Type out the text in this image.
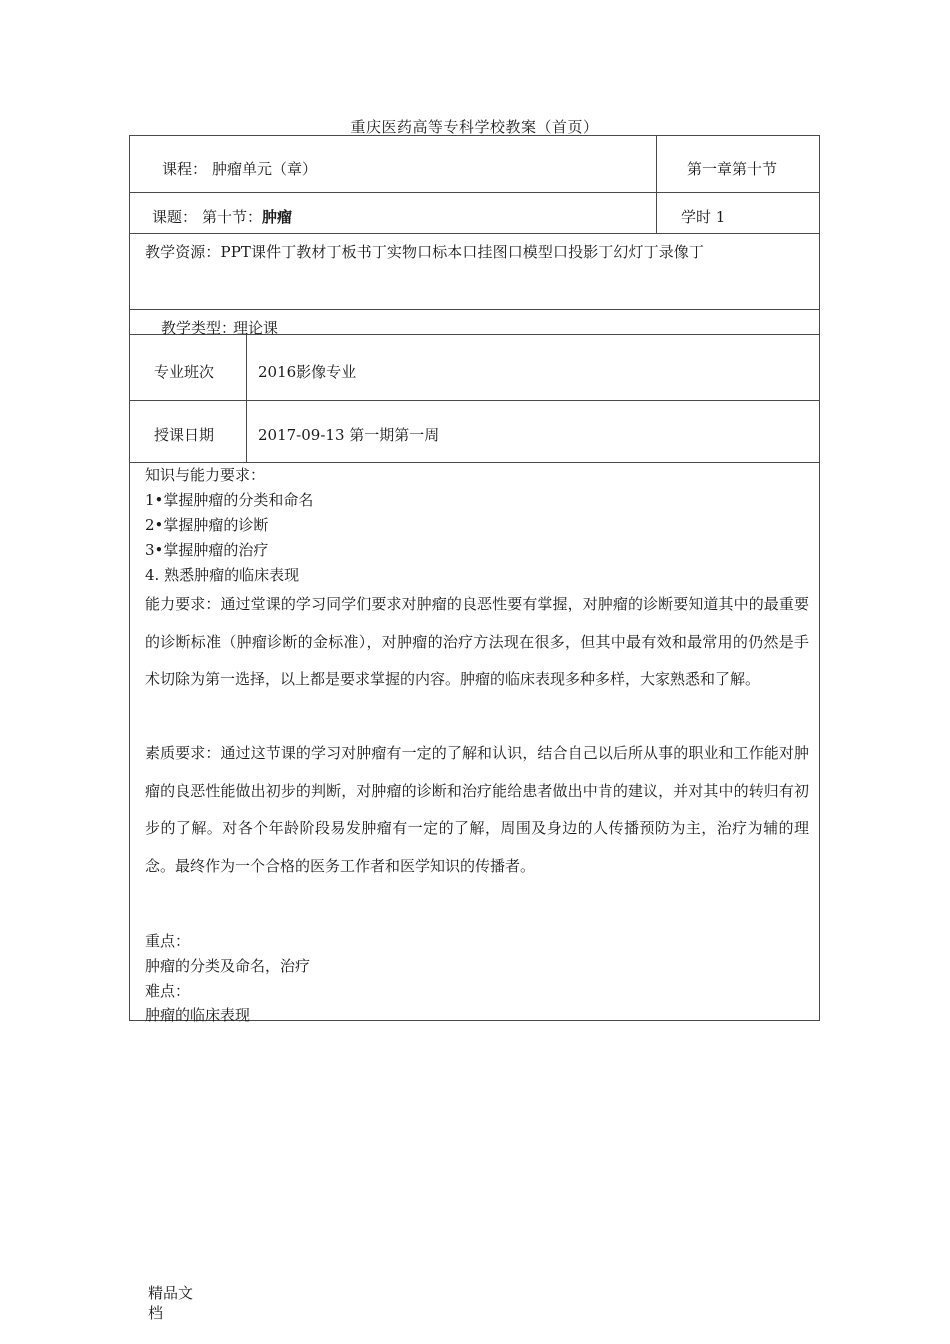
重庆医药高等专科学校教案（首页）
课程： 肿瘤单元（章）	第一章第十节
课题： 第十节：肿瘤	学时 1
教学资源：PPT课件丁教材丁板书丁实物口标本口挂图口模型口投影丁幻灯丁录像丁
教学类型：
理论课
专业班次	2016影像专业
授课日期	2017-09-13 第一期第一周
知识与能力要求：
1•掌握肿瘤的分类和命名
2•掌握肿瘤的诊断
3•掌握肿瘤的治疗
4. 熟悉肿瘤的临床表现
能力要求：通过堂课的学习同学们要求对肿瘤的良恶性要有掌握，对肿瘤的诊断要知道其中的最重要的诊断标准（肿瘤诊断的金标准），对肿瘤的治疗方法现在很多，但其中最有效和最常用的仍然是手术切除为第一选择，以上都是要求掌握的内容。肿瘤的临床表现多种多样，大家熟悉和了解。
素质要求：通过这节课的学习对肿瘤有一定的了解和认识，结合自己以后所从事的职业和工作能对肿瘤的良恶性能做出初步的判断，对肿瘤的诊断和治疗能给患者做出中肯的建议，并对其中的转归有初步的了解。对各个年龄阶段易发肿瘤有一定的了解，周围及身边的人传播预防为主，治疗为辅的理念。最终作为一个合格的医务工作者和医学知识的传播者。
重点：
肿瘤的分类及命名，治疗
难点：
肿瘤的临床表现
精品文档
